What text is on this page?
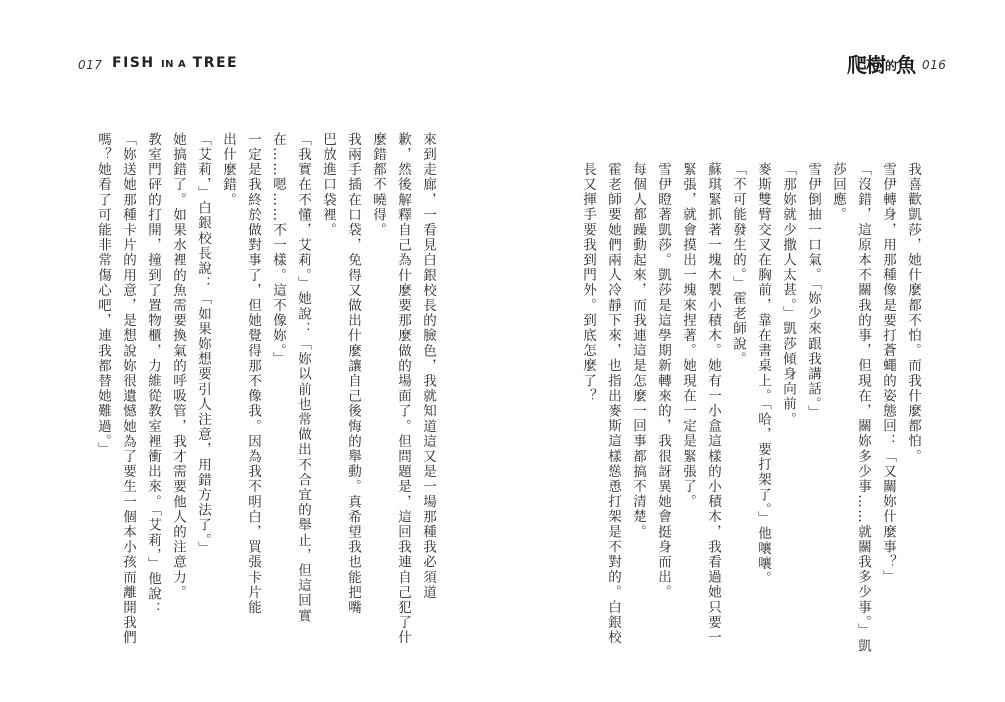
017 FISH IN A TREE	爬樹的魚 016

我喜歡凱莎，她什麼都不怕。而我什麼都怕。

雪伊轉身，用那種像是要打蒼蠅的姿態回：「又關妳什麼事？」

「沒錯，這原本不關我的事，但現在，關妳多少事……就關我多少事。」凱

莎回應。

雪伊倒抽一口氣。「妳少來跟我講話。」

「那妳就少撒人太甚。」凱莎傾身向前。

麥斯雙臂交叉在胸前，靠在書桌上。「哈，要打架了。」他嚷嚷。

「不可能發生的。」霍老師說。

蘇琪緊抓著一塊木製小積木。她有一小盒這樣的小積木，我看過她只要一

緊張，就會摸出一塊來捏著。她現在一定是緊張了。

雪伊瞪著凱莎。凱莎是這學期新轉來的，我很訝異她會挺身而出。

每個人都躁動起來，而我連這是怎麼一回事都搞不清楚。

霍老師要她們兩人冷靜下來，也指出麥斯這樣慫恿打架是不對的。白銀校

長又揮手要我到門外。到底怎麼了？

來到走廊，一看見白銀校長的臉色，我就知道這又是一場那種我必須道

歉，然後解釋自己為什麼要那麼做的場面了。但問題是，這回我連自己犯了什

麼錯都不曉得。

我兩手插在口袋，免得又做出什麼讓自己後悔的舉動。真希望我也能把嘴

巴放進口袋裡。

「我實在不懂，艾莉。」她說：「妳以前也常做出不合宜的舉止，但這回實

在……嗯……不一樣。這不像妳。」

一定是我終於做對事了，但她覺得那不像我。因為我不明白，買張卡片能

出什麼錯。

「艾莉，」白銀校長說：「如果妳想要引人注意，用錯方法了。」

她搞錯了。如果水裡的魚需要換氣的呼吸管，我才需要他人的注意力。

教室門砰的打開，撞到了置物櫃，力維從教室裡衝出來。「艾莉，」他說：

「妳送她那種卡片的用意，是想說妳很遺憾她為了要生一個本小孩而離開我們

嗎？她看了可能非常傷心吧，連我都替她難過。」
